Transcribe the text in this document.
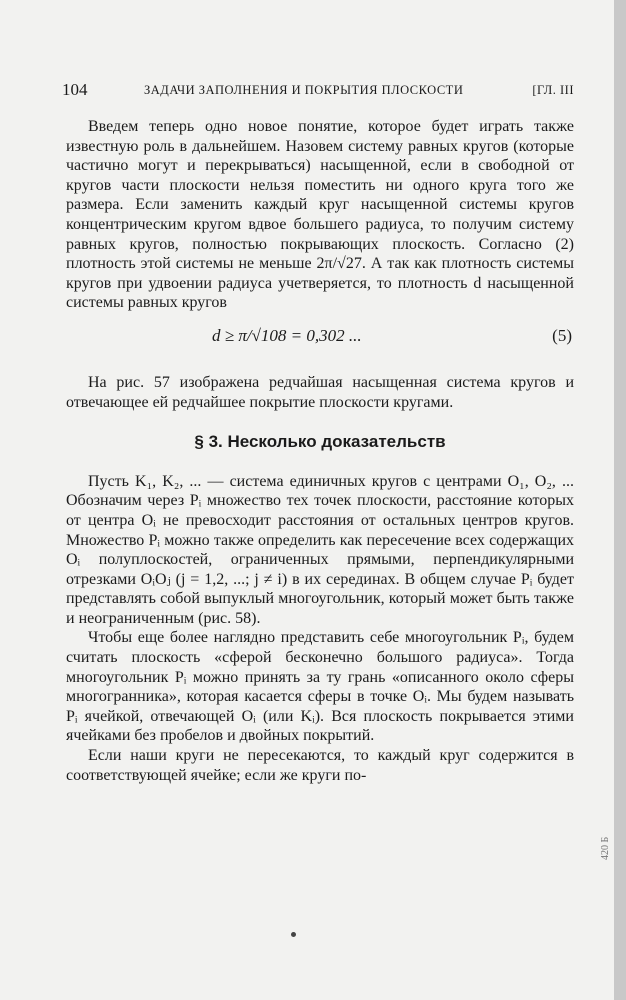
104	ЗАДАЧИ ЗАПОЛНЕНИЯ И ПОКРЫТИЯ ПЛОСКОСТИ	[ГЛ. III

Введем теперь одно новое понятие, которое будет играть также известную роль в дальнейшем. Назовем систему равных кругов (которые частично могут и перекрываться) насыщенной, если в свободной от кругов части плоскости нельзя поместить ни одного круга того же размера. Если заменить каждый круг насыщенной системы кругов концентрическим кругом вдвое большего радиуса, то получим систему равных кругов, полностью покрывающих плоскость. Согласно (2) плотность этой системы не меньше 2π/√27. А так как плотность системы кругов при удвоении радиуса учетверяется, то плотность d насыщенной системы равных кругов

d ≥ π/√108 = 0,302 ...	(5)

На рис. 57 изображена редчайшая насыщенная система кругов и отвечающее ей редчайшее покрытие плоскости кругами.

§ 3. Несколько доказательств

Пусть K₁, K₂, ... — система единичных кругов с центрами O₁, O₂, ... Обозначим через Pᵢ множество тех точек плоскости, расстояние которых от центра Oᵢ не превосходит расстояния от остальных центров кругов. Множество Pᵢ можно также определить как пересечение всех содержащих Oᵢ полуплоскостей, ограниченных прямыми, перпендикулярными отрезками OᵢOⱼ (j = 1,2, ...; j ≠ i) в их серединах. В общем случае Pᵢ будет представлять собой выпуклый многоугольник, который может быть также и неограниченным (рис. 58).

Чтобы еще более наглядно представить себе многоугольник Pᵢ, будем считать плоскость «сферой бесконечно большого радиуса». Тогда многоугольник Pᵢ можно принять за ту грань «описанного около сферы многогранника», которая касается сферы в точке Oᵢ. Мы будем называть Pᵢ ячейкой, отвечающей Oᵢ (или Kᵢ). Вся плоскость покрывается этими ячейками без пробелов и двойных покрытий.

Если наши круги не пересекаются, то каждый круг содержится в соответствующей ячейке; если же круги по-

420 Б
